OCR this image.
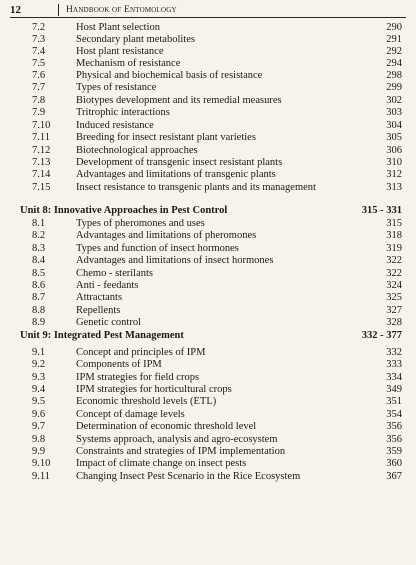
12	Handbook of Entomology
7.2	Host Plant selection	290
7.3	Secondary plant metabolites	291
7.4	Host plant resistance	292
7.5	Mechanism of resistance	294
7.6	Physical and biochemical basis of resistance	298
7.7	Types of resistance	299
7.8	Biotypes development and its remedial measures	302
7.9	Tritrophic interactions	303
7.10	Induced resistance	304
7.11	Breeding for insect resistant plant varieties	305
7.12	Biotechnological approaches	306
7.13	Development of transgenic insect resistant plants	310
7.14	Advantages and limitations of transgenic plants	312
7.15	Insect resistance to transgenic plants and its management	313
Unit 8: Innovative Approaches in Pest Control	315 - 331
8.1	Types of pheromones and uses	315
8.2	Advantages and limitations of pheromones	318
8.3	Types and function of insect hormones	319
8.4	Advantages and limitations of insect hormones	322
8.5	Chemo - sterilants	322
8.6	Anti - feedants	324
8.7	Attractants	325
8.8	Repellents	327
8.9	Genetic control	328
Unit 9: Integrated Pest Management	332 - 377
9.1	Concept and principles of IPM	332
9.2	Components of IPM	333
9.3	IPM strategies for field crops	334
9.4	IPM strategies for horticultural crops	349
9.5	Economic threshold levels (ETL)	351
9.6	Concept of damage levels	354
9.7	Determination of economic threshold level	356
9.8	Systems approach, analysis and agro-ecosystem	356
9.9	Constraints and strategies of IPM implementation	359
9.10	Impact of climate change on insect pests	360
9.11	Changing Insect Pest Scenario in the Rice Ecosystem	367
